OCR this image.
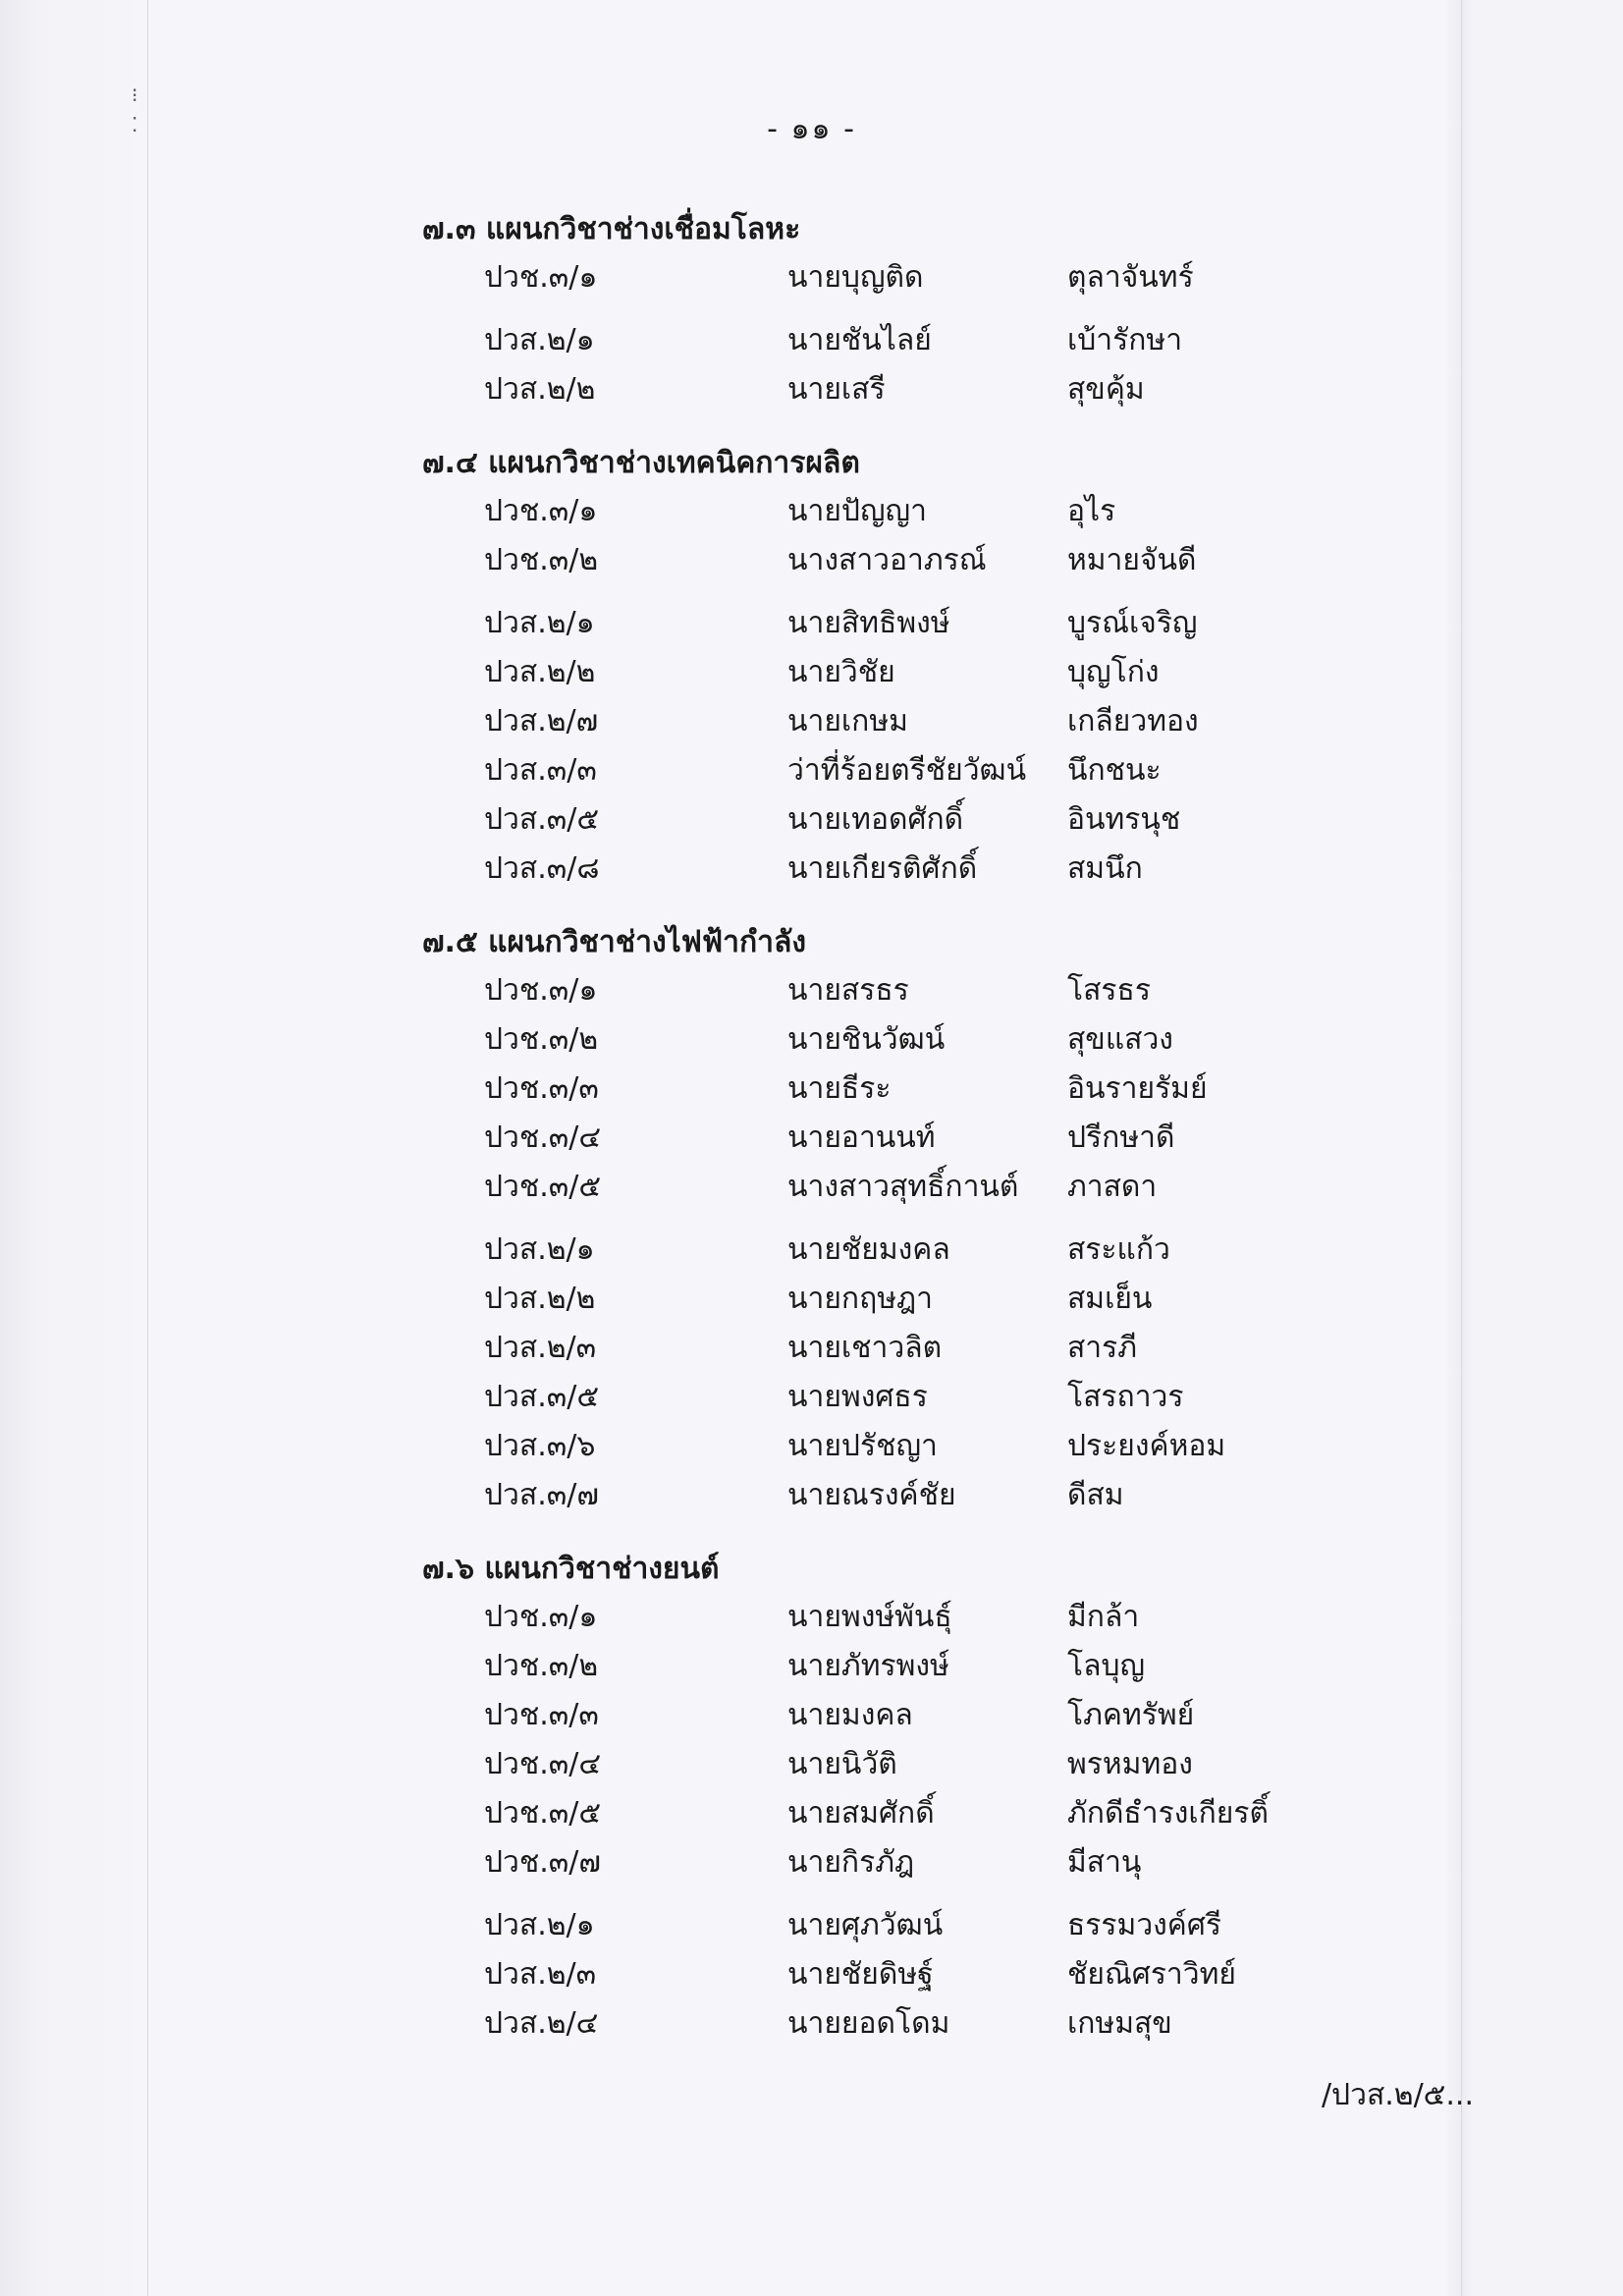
⁝
⁚	- ๑๑ -
๗.๓ แผนกวิชาช่างเชื่อมโลหะ
ปวช.๓/๑	นายบุญติด	ตุลาจันทร์
ปวส.๒/๑	นายชันไลย์	เบ้ารักษา
ปวส.๒/๒	นายเสรี	สุขคุ้ม
๗.๔ แผนกวิชาช่างเทคนิคการผลิต
ปวช.๓/๑	นายปัญญา	อุไร
ปวช.๓/๒	นางสาวอาภรณ์	หมายจันดี
ปวส.๒/๑	นายสิทธิพงษ์	บูรณ์เจริญ
ปวส.๒/๒	นายวิชัย	บุญโก่ง
ปวส.๒/๗	นายเกษม	เกลียวทอง
ปวส.๓/๓	ว่าที่ร้อยตรีชัยวัฒน์ นึกชนะ
ปวส.๓/๕	นายเทอดศักดิ์	อินทรนุช
ปวส.๓/๘	นายเกียรติศักดิ์	สมนึก
๗.๕ แผนกวิชาช่างไฟฟ้ากำลัง
ปวช.๓/๑	นายสรธร	โสรธร
ปวช.๓/๒	นายชินวัฒน์	สุขแสวง
ปวช.๓/๓	นายธีระ	อินรายรัมย์
ปวช.๓/๔	นายอานนท์	ปรีกษาดี
ปวช.๓/๕	นางสาวสุทธิ์กานต์ ภาสดา
ปวส.๒/๑	นายชัยมงคล	สระแก้ว
ปวส.๒/๒	นายกฤษฎา	สมเย็น
ปวส.๒/๓	นายเชาวลิต	สารภี
ปวส.๓/๕	นายพงศธร	โสรถาวร
ปวส.๓/๖	นายปรัชญา	ประยงค์หอม
ปวส.๓/๗	นายณรงค์ชัย	ดีสม
๗.๖ แผนกวิชาช่างยนต์
ปวช.๓/๑	นายพงษ์พันธุ์	มีกล้า
ปวช.๓/๒	นายภัทรพงษ์	โลบุญ
ปวช.๓/๓	นายมงคล	โภคทรัพย์
ปวช.๓/๔	นายนิวัติ	พรหมทอง
ปวช.๓/๕	นายสมศักดิ์	ภักดีธำรงเกียรติ์
ปวช.๓/๗	นายกิรภัฎ	มีสานุ
ปวส.๒/๑	นายศุภวัฒน์	ธรรมวงค์ศรี
ปวส.๒/๓	นายชัยดิษฐ์	ชัยณิศราวิทย์
ปวส.๒/๔	นายยอดโดม	เกษมสุข
/ปวส.๒/๕...
